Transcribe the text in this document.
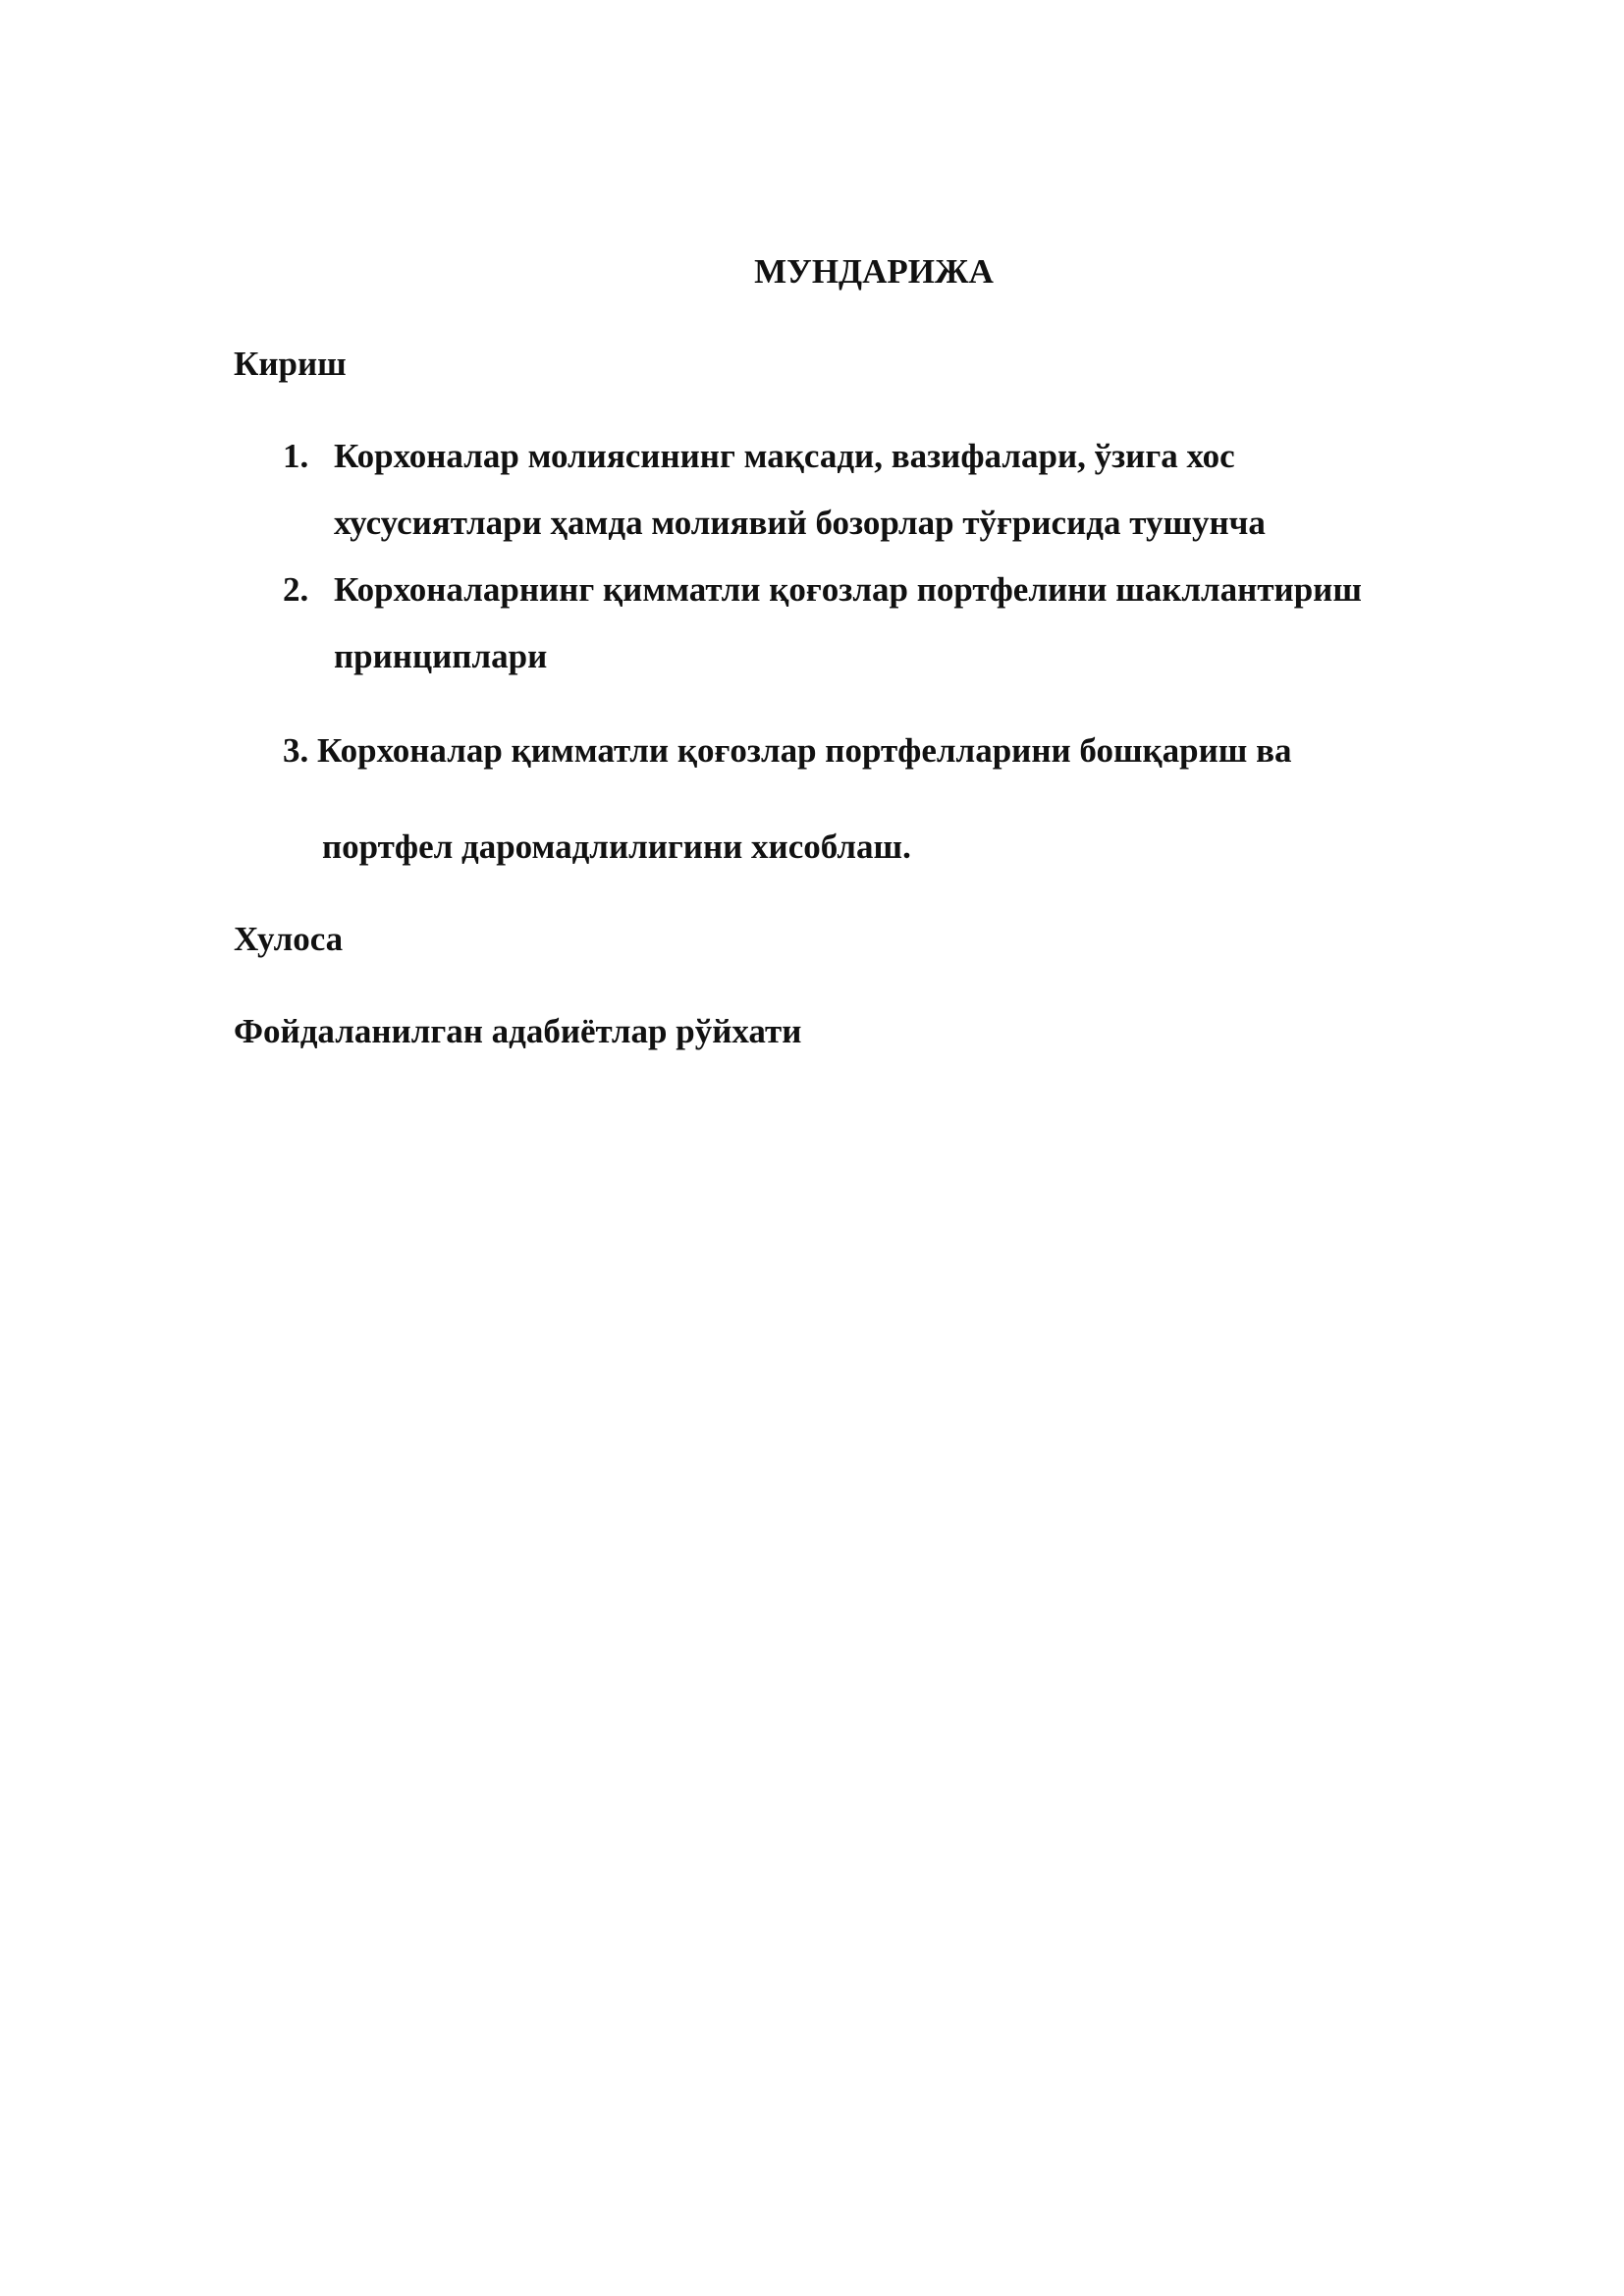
МУНДАРИЖА

Кириш

1. Корхоналар молиясининг мақсади, вазифалари, ўзига хос
хусусиятлари ҳамда молиявий бозорлар тўғрисида тушунча
2. Корхоналарнинг қимматли қоғозлар портфелини шакллантириш
принциплари
3. Корхоналар қимматли қоғозлар портфелларини бошқариш ва
портфел даромадлилигини хисоблаш.

Хулоса

Фойдаланилган адабиётлар рўйхати
